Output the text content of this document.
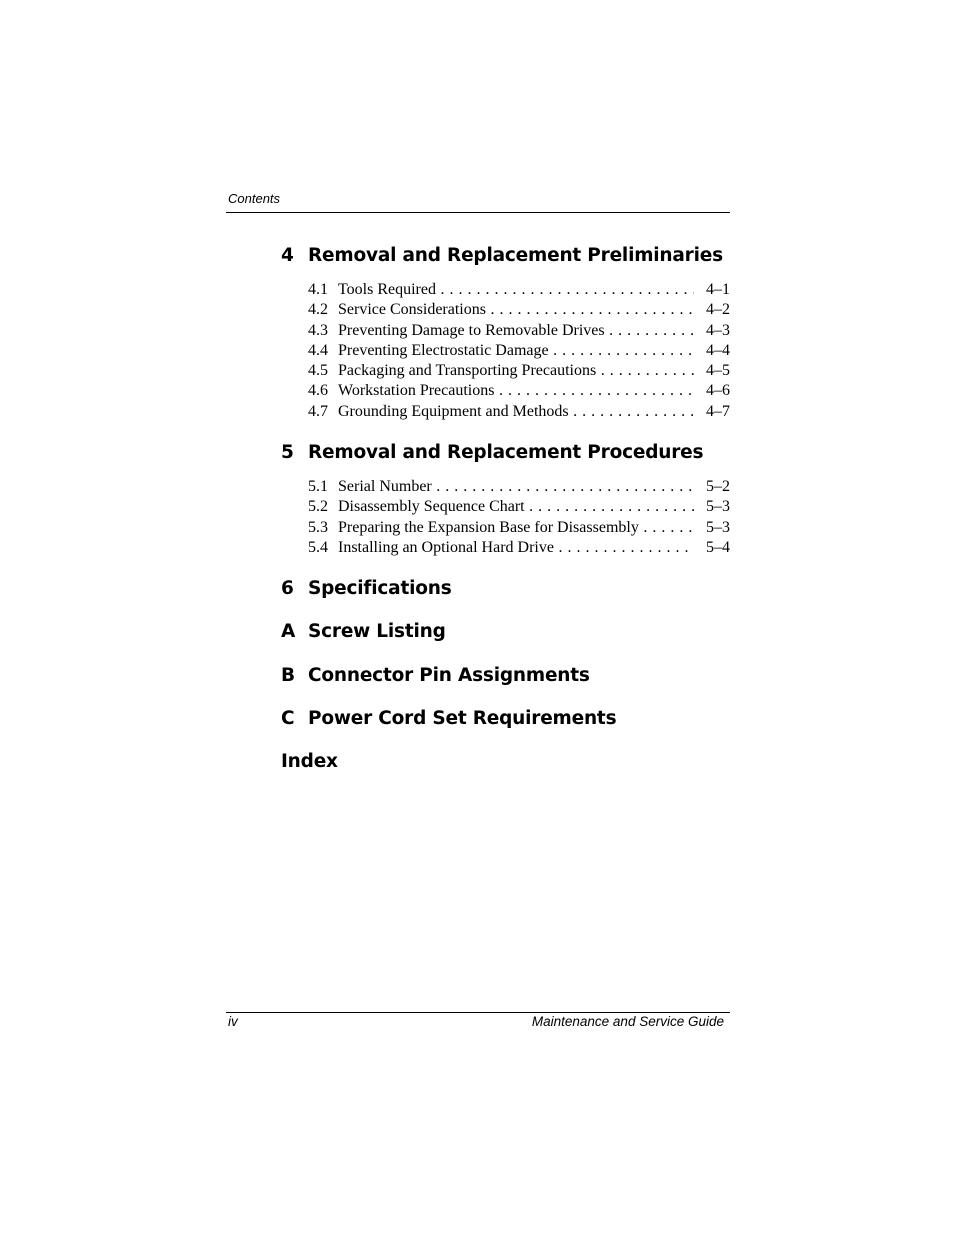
Contents
4 Removal and Replacement Preliminaries
4.1 Tools Required . . .	4–1
4.2 Service Considerations . . .	4–2
4.3 Preventing Damage to Removable Drives . . .	4–3
4.4 Preventing Electrostatic Damage . . .	4–4
4.5 Packaging and Transporting Precautions . . .	4–5
4.6 Workstation Precautions . . .	4–6
4.7 Grounding Equipment and Methods . . .	4–7
5 Removal and Replacement Procedures
5.1 Serial Number . . .	5–2
5.2 Disassembly Sequence Chart . . .	5–3
5.3 Preparing the Expansion Base for Disassembly . . .	5–3
5.4 Installing an Optional Hard Drive . . .	5–4
6 Specifications
A Screw Listing
B Connector Pin Assignments
C Power Cord Set Requirements
Index
iv	Maintenance and Service Guide
